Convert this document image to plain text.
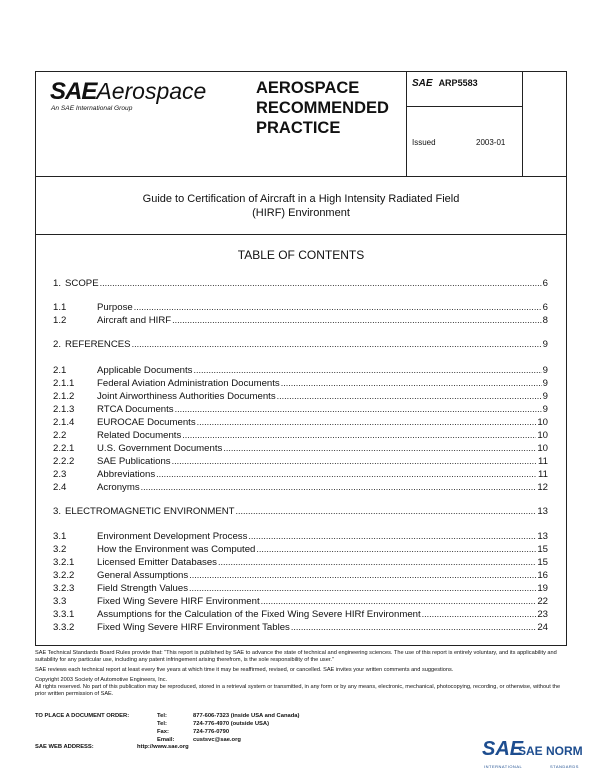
SAEAerospace
An SAE International Group
AEROSPACE RECOMMENDED PRACTICE
SAE ARP5583
Issued	2003-01
Guide to Certification of Aircraft in a High Intensity Radiated Field (HIRF) Environment
TABLE OF CONTENTS
1. SCOPE .....	6
1.1	Purpose .....	6
1.2	Aircraft and HIRF .....	8
2. REFERENCES .....	9
2.1	Applicable Documents .....	9
2.1.1	Federal Aviation Administration Documents .....	9
2.1.2	Joint Airworthiness Authorities Documents .....	9
2.1.3	RTCA Documents .....	9
2.1.4	EUROCAE Documents .....	10
2.2	Related Documents .....	10
2.2.1	U.S. Government Documents .....	10
2.2.2	SAE Publications .....	11
2.3	Abbreviations .....	11
2.4	Acronyms .....	12
3. ELECTROMAGNETIC ENVIRONMENT .....	13
3.1	Environment Development Process .....	13
3.2	How the Environment was Computed .....	15
3.2.1	Licensed Emitter Databases .....	15
3.2.2	General Assumptions .....	16
3.2.3	Field Strength Values .....	19
3.3	Fixed Wing Severe HIRF Environment .....	22
3.3.1	Assumptions for the Calculation of the Fixed Wing Severe HIRf Environment .....	23
3.3.2	Fixed Wing Severe HIRF Environment Tables .....	24

SAE Technical Standards Board Rules provide that: “This report is published by SAE to advance the state of technical and engineering sciences. The use of this report is entirely voluntary, and its applicability and suitability for any particular use, including any patent infringement arising therefrom, is the sole responsibility of the user.”

SAE reviews each technical report at least every five years at which time it may be reaffirmed, revised, or cancelled. SAE invites your written comments and suggestions.

Copyright 2003 Society of Automotive Engineers, Inc.
All rights reserved. No part of this publication may be reproduced, stored in a retrieval system or transmitted, in any form or by any means, electronic, mechanical, photocopying, recording, or otherwise, without the prior written permission of SAE.

TO PLACE A DOCUMENT ORDER:	Tel:	877-606-7323 (inside USA and Canada)
Tel:	724-776-4970 (outside USA)
Fax:	724-776-0790
Email:	custsvc@sae.org
SAE WEB ADDRESS:	http://www.sae.org	SAE
SAE NORM
INTERNATIONAL	STANDARDS
